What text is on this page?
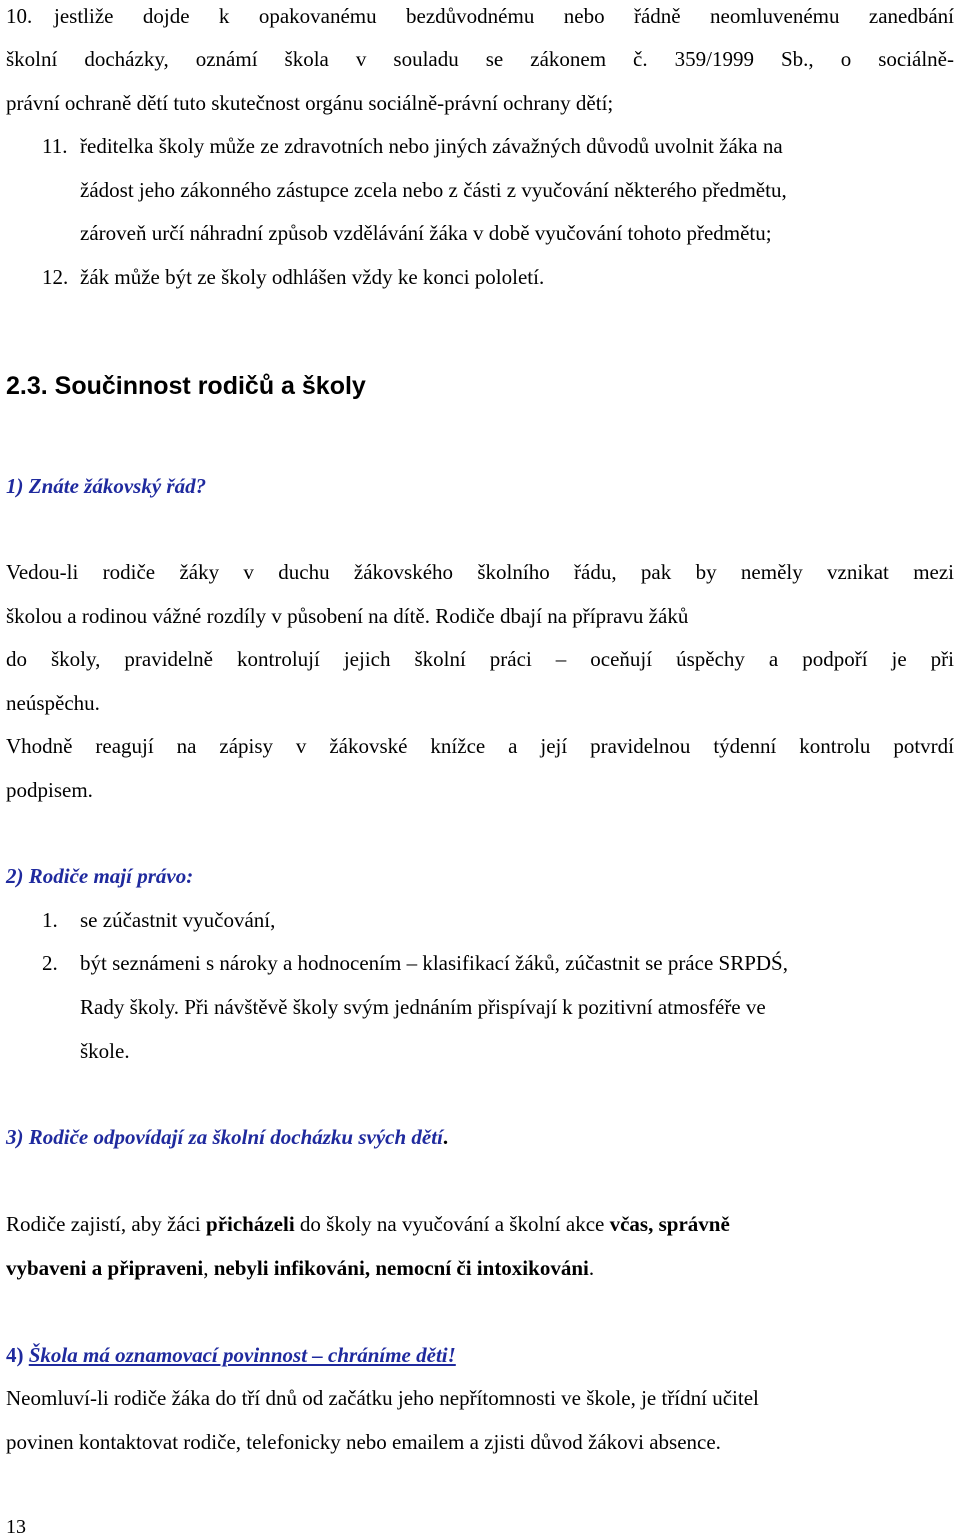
10. jestliže dojde k opakovanému bezdůvodnému nebo řádně neomluvenému zanedbání
školní docházky, oznámí škola v souladu se zákonem č. 359/1999 Sb., o sociálně-
právní ochraně dětí tuto skutečnost orgánu sociálně-právní ochrany dětí;
11. ředitelka školy může ze zdravotních nebo jiných závažných důvodů uvolnit žáka na
žádost jeho zákonného zástupce zcela nebo z části z vyučování některého předmětu,
zároveň určí náhradní způsob vzdělávání žáka v době vyučování tohoto předmětu;
12. žák může být ze školy odhlášen vždy ke konci pololetí.
2.3. Součinnost rodičů a školy
1) Znáte žákovský řád?
Vedou-li rodiče žáky v duchu žákovského školního řádu, pak by neměly vznikat mezi
školou a rodinou vážné rozdíly v působení na dítě. Rodiče dbají na přípravu žáků
do školy, pravidelně kontrolují jejich školní práci – oceňují úspěchy a podpoří je při
neúspěchu.
Vhodně reagují na zápisy v žákovské knížce a její pravidelnou týdenní kontrolu potvrdí
podpisem.
2) Rodiče mají právo:
1. se zúčastnit vyučování,
2. být seznámeni s nároky a hodnocením – klasifikací žáků, zúčastnit se práce SRPDŚ,
Rady školy. Při návštěvě školy svým jednáním přispívají k pozitivní atmosféře ve
škole.
3) Rodiče odpovídají za školní docházku svých dětí.
Rodiče zajistí, aby žáci přicházeli do školy na vyučování a školní akce včas, správně
vybaveni a připraveni, nebyli infikováni, nemocní či intoxikováni.
4) Škola má oznamovací povinnost – chráníme děti!
Neomluví-li rodiče žáka do tří dnů od začátku jeho nepřítomnosti ve škole, je třídní učitel
povinen kontaktovat rodiče, telefonicky nebo emailem a zjisti důvod žákovi absence.
13
